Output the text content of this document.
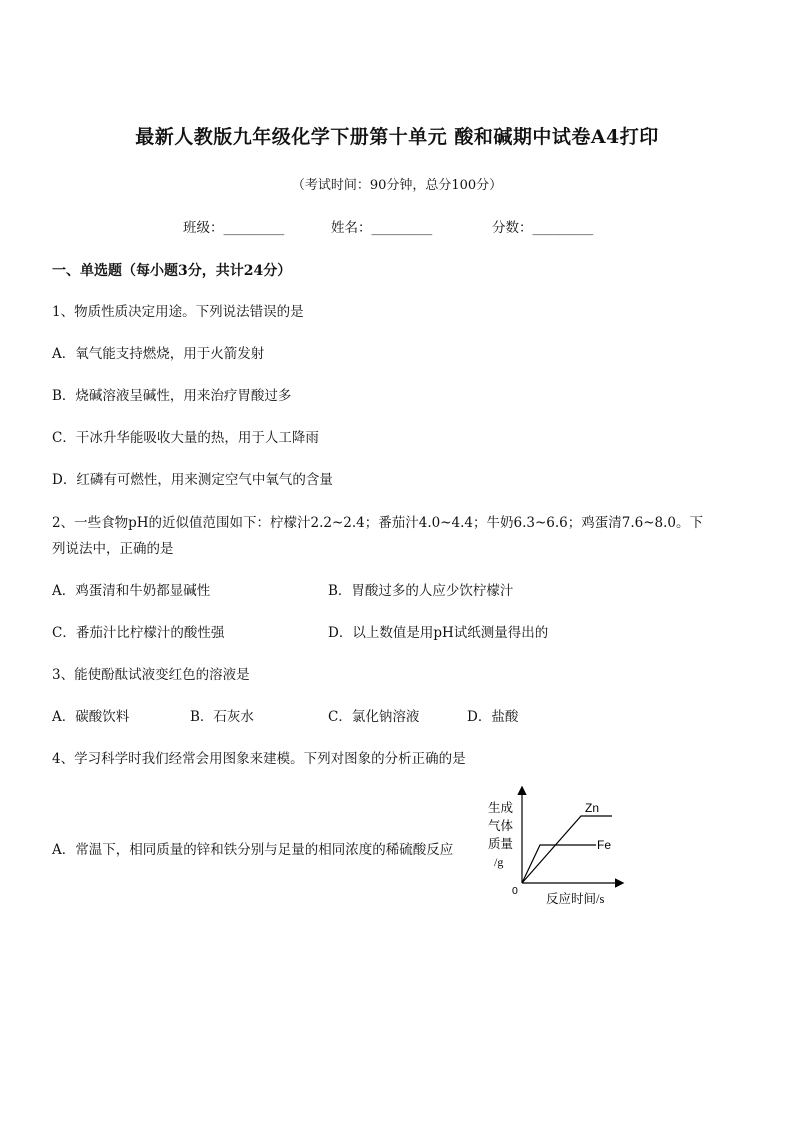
最新人教版九年级化学下册第十单元 酸和碱期中试卷A4打印
（考试时间：90分钟，总分100分）
班级：_________	姓名：_________	分数：_________
一、单选题（每小题3分，共计24分）
1、物质性质决定用途。下列说法错误的是
A．氧气能支持燃烧，用于火箭发射
B．烧碱溶液呈碱性，用来治疗胃酸过多
C．干冰升华能吸收大量的热，用于人工降雨
D．红磷有可燃性，用来测定空气中氧气的含量
2、一些食物pH的近似值范围如下：柠檬汁2.2~2.4；番茄汁4.0~4.4；牛奶6.3~6.6；鸡蛋清7.6~8.0。下
列说法中，正确的是
A．鸡蛋清和牛奶都显碱性	B．胃酸过多的人应少饮柠檬汁
C．番茄汁比柠檬汁的酸性强	D．以上数值是用pH试纸测量得出的
3、能使酚酞试液变红色的溶液是
A．碳酸饮料	B．石灰水	C．氯化钠溶液	D．盐酸
4、学习科学时我们经常会用图象来建模。下列对图象的分析正确的是
A．常温下，相同质量的锌和铁分别与足量的相同浓度的稀硫酸反应
生成
气体
质量
/g
0
反应时间/s
Zn
Fe
